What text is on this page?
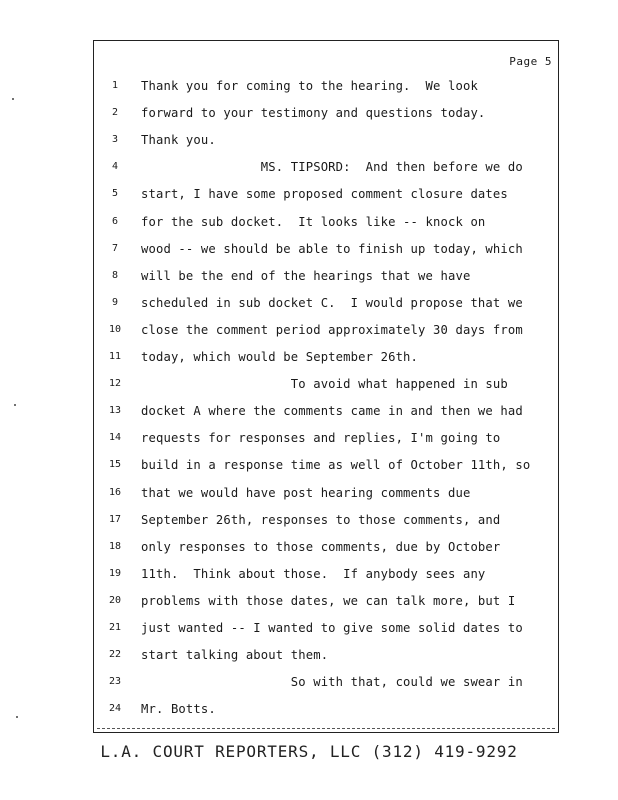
Page 5
1	Thank you for coming to the hearing.  We look
2	forward to your testimony and questions today.
3	Thank you.
4	MS. TIPSORD:  And then before we do
5	start, I have some proposed comment closure dates
6	for the sub docket.  It looks like -- knock on
7	wood -- we should be able to finish up today, which
8	will be the end of the hearings that we have
9	scheduled in sub docket C.  I would propose that we
10	close the comment period approximately 30 days from
11	today, which would be September 26th.
12	To avoid what happened in sub
13	docket A where the comments came in and then we had
14	requests for responses and replies, I'm going to
15	build in a response time as well of October 11th, so
16	that we would have post hearing comments due
17	September 26th, responses to those comments, and
18	only responses to those comments, due by October
19	11th.  Think about those.  If anybody sees any
20	problems with those dates, we can talk more, but I
21	just wanted -- I wanted to give some solid dates to
22	start talking about them.
23	So with that, could we swear in
24	Mr. Botts.
L.A. COURT REPORTERS, LLC (312) 419-9292
